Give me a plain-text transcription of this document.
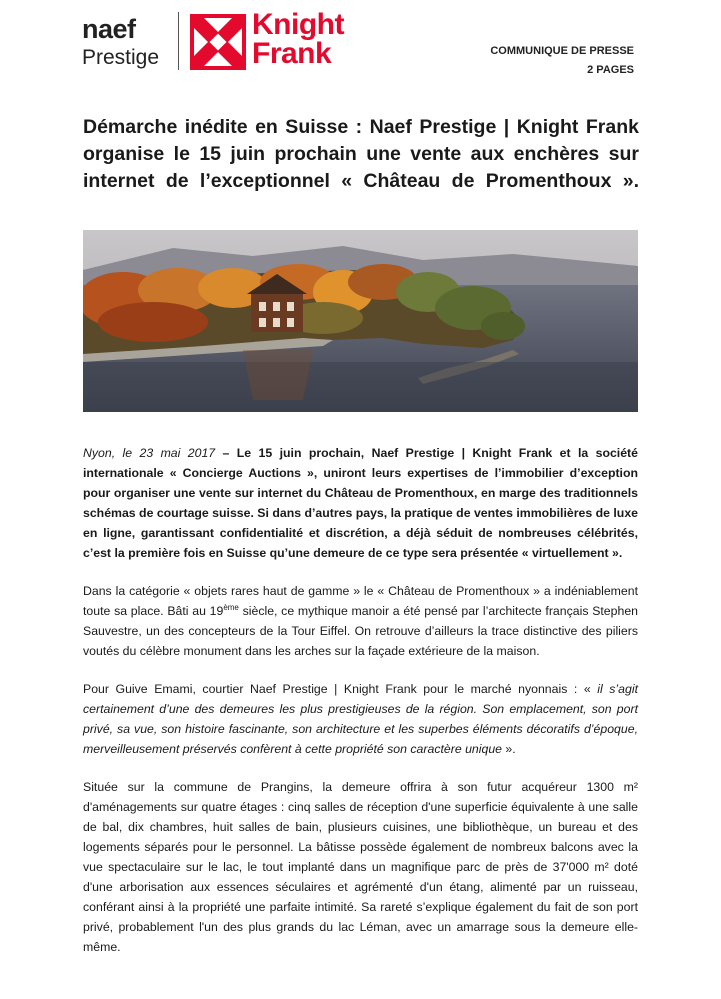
naef
Prestige
Knight
Frank	COMMUNIQUE DE PRESSE
2 PAGES
Démarche inédite en Suisse : Naef Prestige | Knight Frank organise le 15 juin prochain une vente aux enchères sur internet de l’exceptionnel « Château de Promenthoux ».

Nyon, le 23 mai 2017 – Le 15 juin prochain, Naef Prestige | Knight Frank et la société internationale « Concierge Auctions », uniront leurs expertises de l’immobilier d’exception pour organiser une vente sur internet du Château de Promenthoux, en marge des traditionnels schémas de courtage suisse. Si dans d’autres pays, la pratique de ventes immobilières de luxe en ligne, garantissant confidentialité et discrétion, a déjà séduit de nombreuses célébrités, c’est la première fois en Suisse qu’une demeure de ce type sera présentée « virtuellement ».

Dans la catégorie « objets rares haut de gamme » le « Château de Promenthoux » a indéniablement toute sa place. Bâti au 19ème siècle, ce mythique manoir a été pensé par l’architecte français Stephen Sauvestre, un des concepteurs de la Tour Eiffel. On retrouve d’ailleurs la trace distinctive des piliers voutés du célèbre monument dans les arches sur la façade extérieure de la maison.

Pour Guive Emami, courtier Naef Prestige | Knight Frank pour le marché nyonnais : « il s’agit certainement d’une des demeures les plus prestigieuses de la région. Son emplacement, son port privé, sa vue, son histoire fascinante, son architecture et les superbes éléments décoratifs d’époque, merveilleusement préservés confèrent à cette propriété son caractère unique ».

Située sur la commune de Prangins, la demeure offrira à son futur acquéreur 1300 m² d'aménagements sur quatre étages : cinq salles de réception d'une superficie équivalente à une salle de bal, dix chambres, huit salles de bain, plusieurs cuisines, une bibliothèque, un bureau et des logements séparés pour le personnel. La bâtisse possède également de nombreux balcons avec la vue spectaculaire sur le lac, le tout implanté dans un magnifique parc de près de 37'000 m² doté d'une arborisation aux essences séculaires et agrémenté d'un étang, alimenté par un ruisseau, conférant ainsi à la propriété une parfaite intimité. Sa rareté s’explique également du fait de son port privé, probablement l'un des plus grands du lac Léman, avec un amarrage sous la demeure elle-même.
